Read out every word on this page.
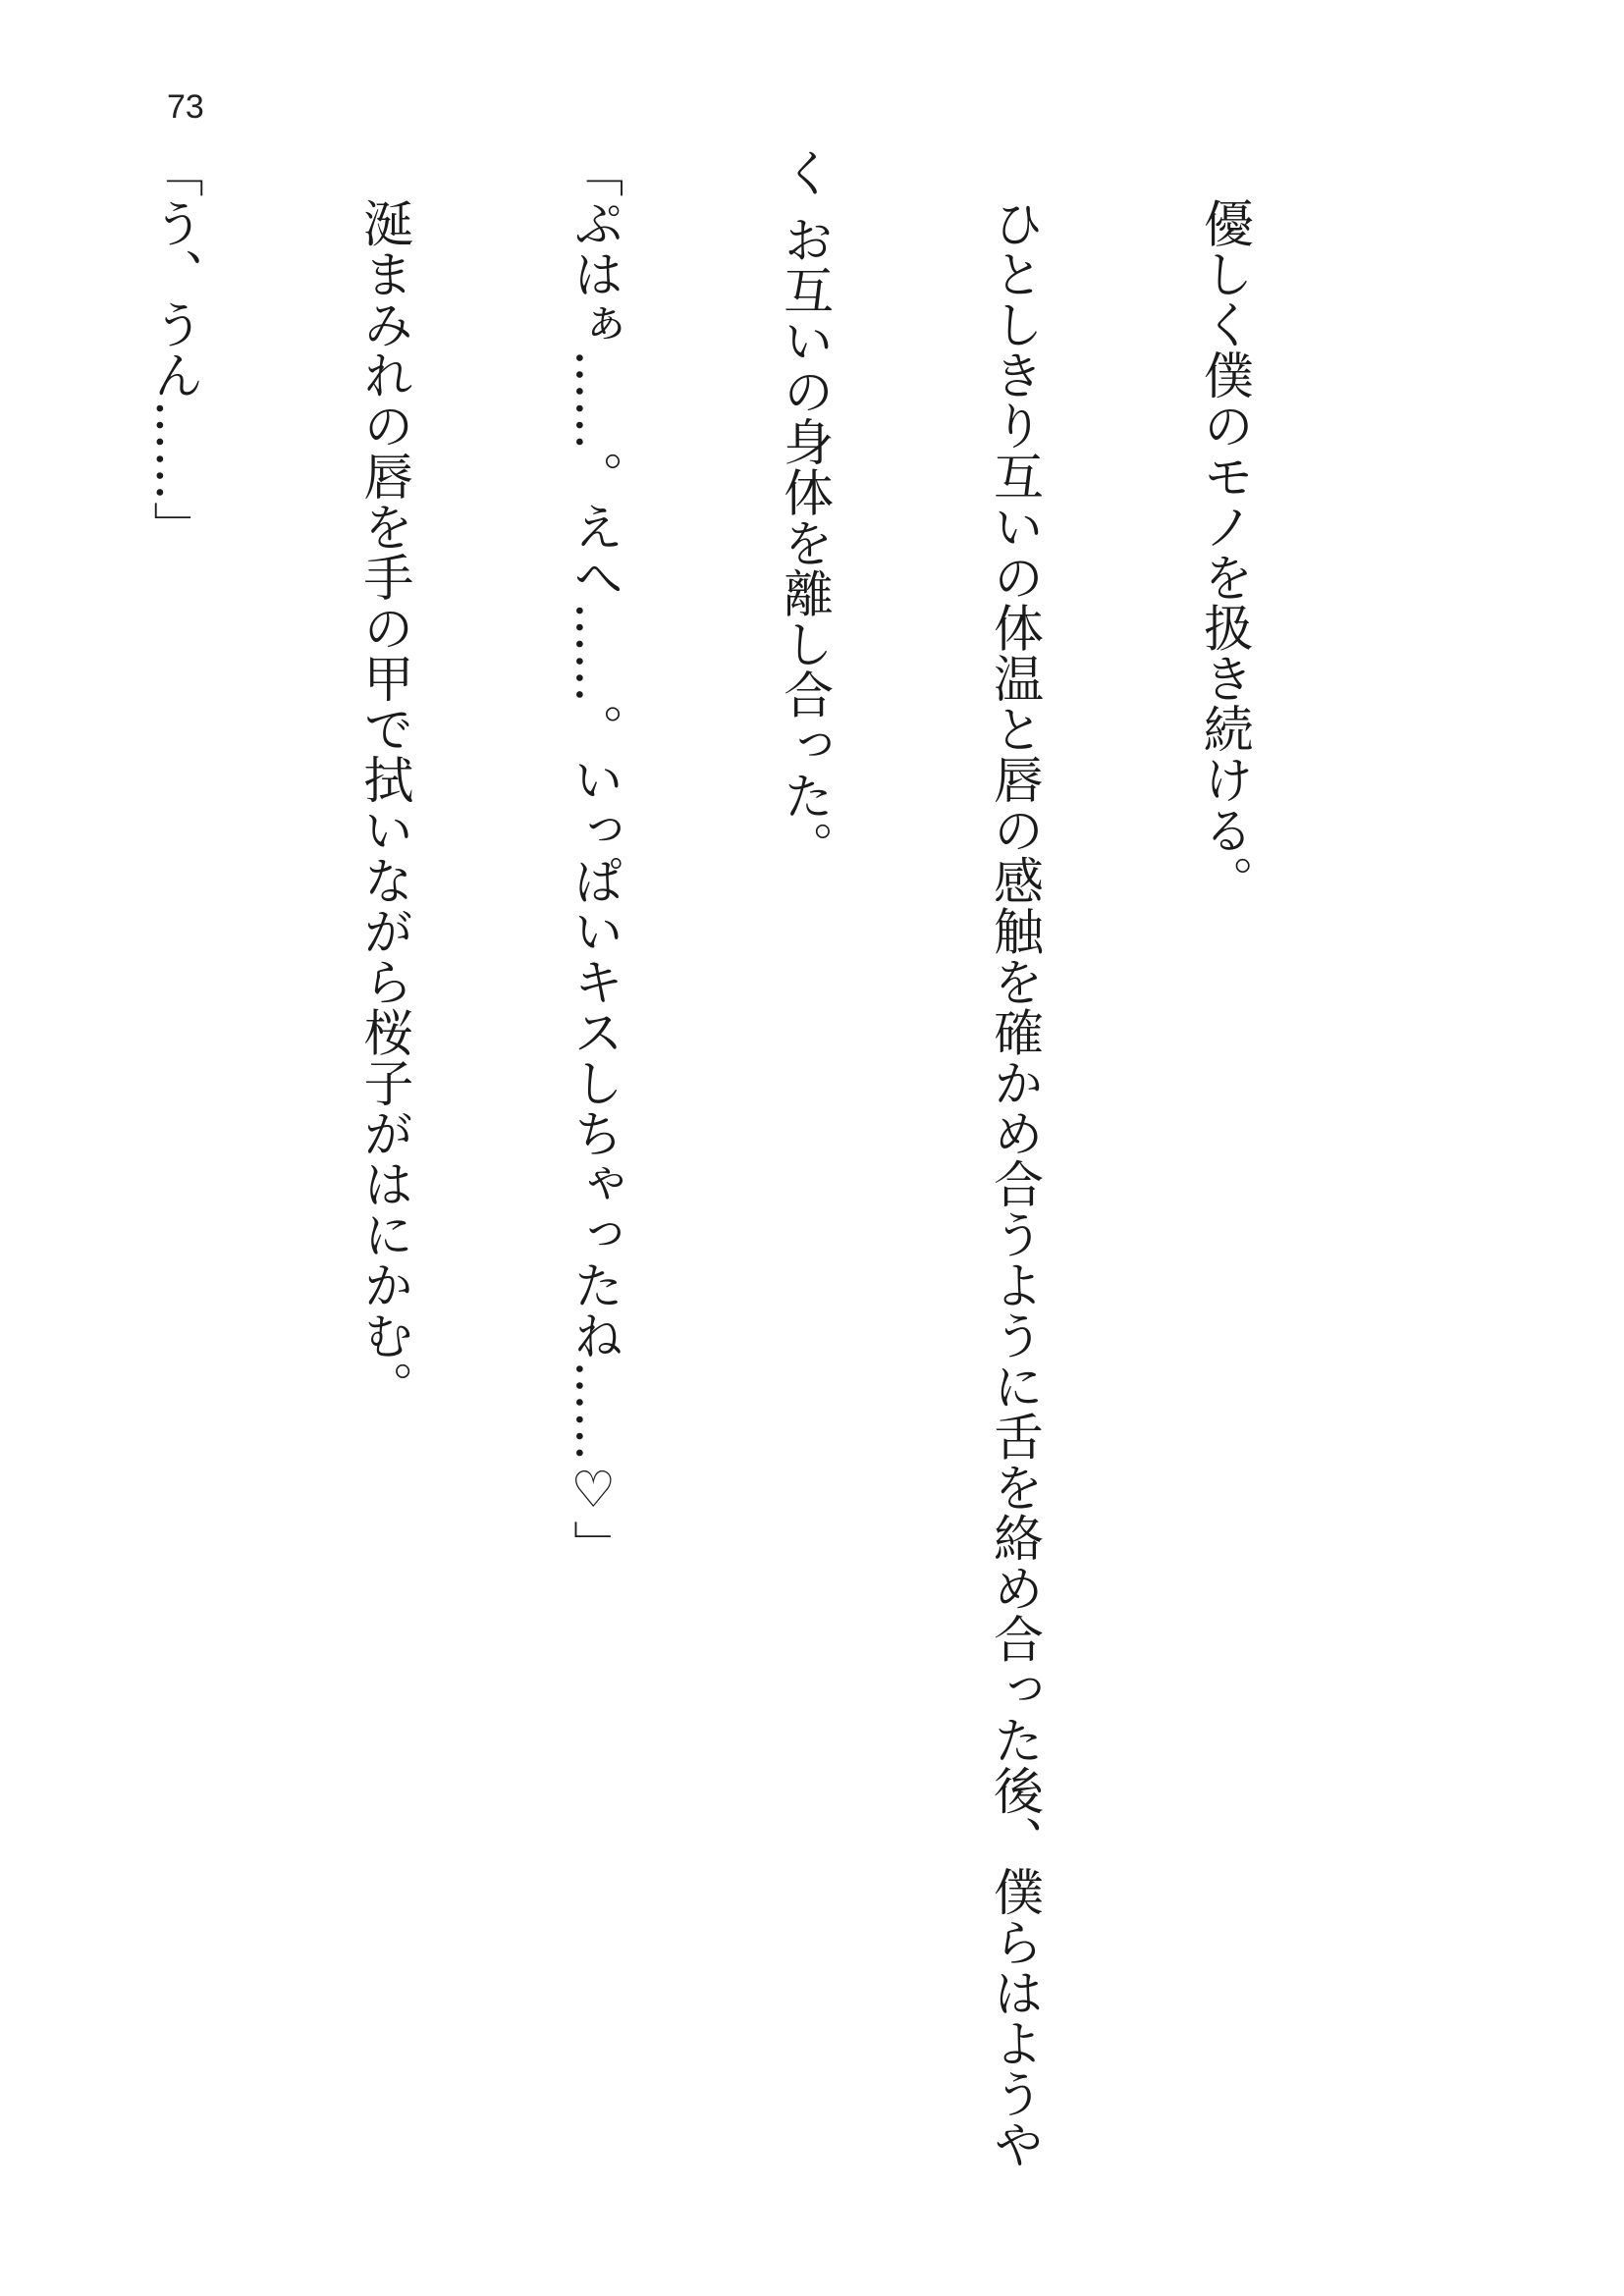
73

　優しく僕のモノを扱き続ける。

　ひとしきり互いの体温と唇の感触を確かめ合うように舌を絡め合った後、僕らはようや

く お互いの身体を離し合った。

「ぷはぁ……。えへ……。いっぱいキスしちゃったね……♡」

　涎まみれの唇を手の甲で拭いながら桜子がはにかむ。

「う、うん……」
